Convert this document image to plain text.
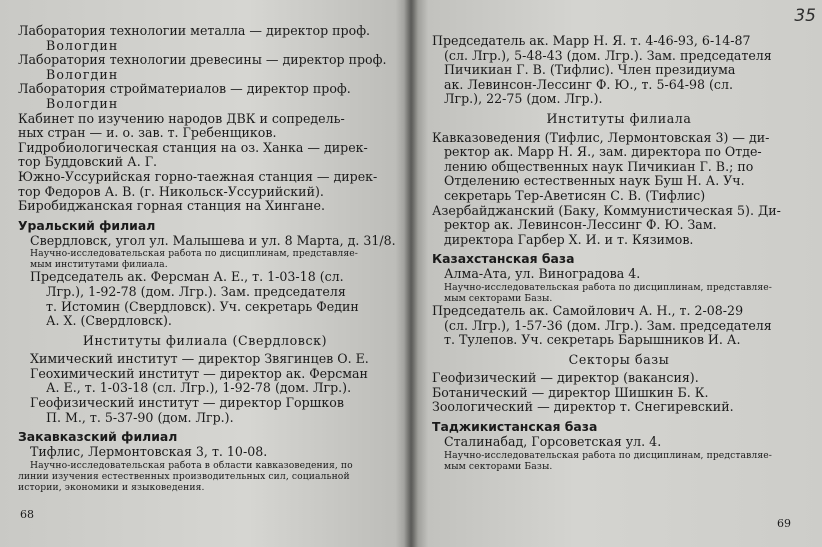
Лаборатория технологии металла — директор проф.

Вологдин

Лаборатория технологии древесины — директор проф.

Вологдин

Лаборатория стройматериалов — директор проф.

Вологдин

Кабинет по изучению народов ДВК и сопредель-

ных стран — и. о. зав. т. Гребенщиков.

Гидробиологическая станция на оз. Ханка — дирек-

тор Буддовский А. Г.

Южно-Уссурийская горно-таежная станция — дирек-

тор Федоров А. В. (г. Никольск-Уссурийский).

Биробиджанская горная станция на Хингане.

Уральский филиал

Свердловск, угол ул. Малышева и ул. 8 Марта, д. 31/8.

Научно-исследовательская работа по дисциплинам, представляе-

мым институтами филиала.

Председатель ак. Ферсман А. Е., т. 1-03-18 (сл.

Лгр.), 1-92-78 (дом. Лгр.). Зам. председателя

т. Истомин (Свердловск). Уч. секретарь Федин

А. Х. (Свердловск).

Институты филиала (Свердловск)

Химический институт — директор Звягинцев О. Е.

Геохимический институт — директор ак. Ферсман

А. Е., т. 1-03-18 (сл. Лгр.), 1-92-78 (дом. Лгр.).

Геофизический институт — директор Горшков

П. М., т. 5-37-90 (дом. Лгр.).

Закавказский филиал

Тифлис, Лермонтовская 3, т. 10-08.

Научно-исследовательская работа в области кавказоведения, по

линии изучения естественных производительных сил, социальной

истории, экономики и языковедения.

68
35

Председатель ак. Марр Н. Я. т. 4-46-93, 6-14-87

(сл. Лгр.), 5-48-43 (дом. Лгр.). Зам. председателя

Пичикиан Г. В. (Тифлис). Член президиума

ак. Левинсон-Лессинг Ф. Ю., т. 5-64-98 (сл.

Лгр.), 22-75 (дом. Лгр.).

Институты филиала

Кавказоведения (Тифлис, Лермонтовская 3) — ди-

ректор ак. Марр Н. Я., зам. директора по Отде-

лению общественных наук Пичикиан Г. В.; по

Отделению естественных наук Буш Н. А. Уч.

секретарь Тер-Аветисян С. В. (Тифлис)

Азербайджанский (Баку, Коммунистическая 5). Ди-

ректор ак. Левинсон-Лессинг Ф. Ю. Зам.

директора Гарбер Х. И. и т. Кязимов.

Казахстанская база

Алма-Ата, ул. Виноградова 4.

Научно-исследовательская работа по дисциплинам, представляе-

мым секторами Базы.

Председатель ак. Самойлович А. Н., т. 2-08-29

(сл. Лгр.), 1-57-36 (дом. Лгр.). Зам. председателя

т. Тулепов. Уч. секретарь Барышников И. А.

Секторы базы

Геофизический — директор (вакансия).

Ботанический — директор Шишкин Б. К.

Зоологический — директор т. Снегиревский.

Таджикистанская база

Сталинабад, Горсоветская ул. 4.

Научно-исследовательская работа по дисциплинам, представляе-

мым секторами Базы.

69
